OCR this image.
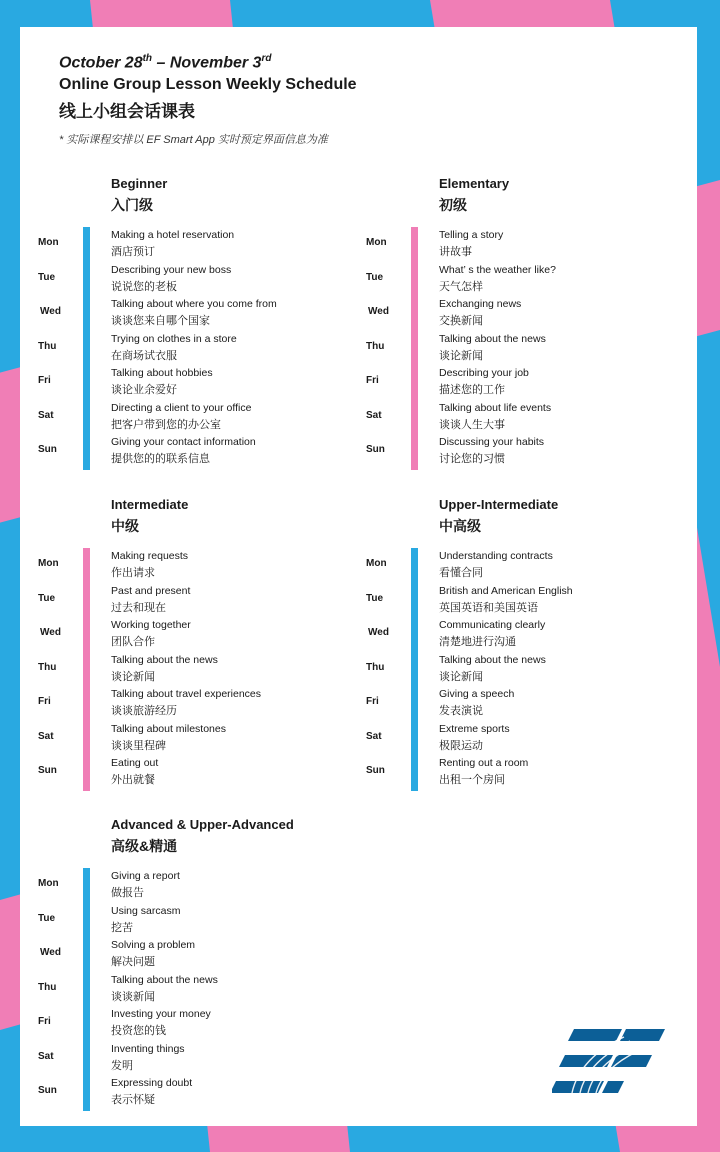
October 28th – November 3rd
Online Group Lesson Weekly Schedule
线上小组会话课表
* 实际课程安排以 EF Smart App 实时预定界面信息为准
Beginner
入门级
Mon
Making a hotel reservation
酒店预订
Tue
Describing your new boss
说说您的老板
Wed
Talking about where you come from
谈谈您来自哪个国家
Thu
Trying on clothes in a store
在商场试衣服
Fri
Talking about hobbies
谈论业余爱好
Sat
Directing a client to your office
把客户带到您的办公室
Sun
Giving your contact information
提供您的的联系信息
Elementary
初级
Mon
Telling a story
讲故事
Tue
What’ s the weather like?
天气怎样
Wed
Exchanging news
交换新闻
Thu
Talking about the news
谈论新闻
Fri
Describing your job
描述您的工作
Sat
Talking about life events
谈谈人生大事
Sun
Discussing your habits
讨论您的习惯
Intermediate
中级
Mon
Making requests
作出请求
Tue
Past and present
过去和现在
Wed
Working together
团队合作
Thu
Talking about the news
谈论新闻
Fri
Talking about travel experiences
谈谈旅游经历
Sat
Talking about milestones
谈谈里程碑
Sun
Eating out
外出就餐
Upper-Intermediate
中高级
Mon
Understanding contracts
看懂合同
Tue
British and American English
英国英语和美国英语
Wed
Communicating clearly
清楚地进行沟通
Thu
Talking about the news
谈论新闻
Fri
Giving a speech
发表演说
Sat
Extreme sports
极限运动
Sun
Renting out a room
出租一个房间
Advanced & Upper-Advanced
高级&精通
Mon
Giving a report
做报告
Tue
Using sarcasm
挖苦
Wed
Solving a problem
解决问题
Thu
Talking about the news
谈谈新闻
Fri
Investing your money
投资您的钱
Sat
Inventing things
发明
Sun
Expressing doubt
表示怀疑
